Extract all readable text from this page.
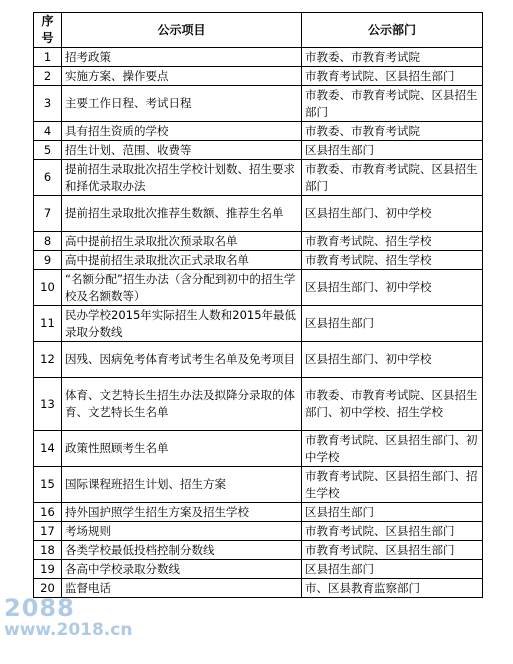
序
号	公示项目	公示部门
1	招考政策	市教委、市教育考试院
2	实施方案、操作要点	市教育考试院、区县招生部门
3	主要工作日程、考试日程	市教委、市教育考试院、区县招生部门
4	具有招生资质的学校	市教委、市教育考试院
5	招生计划、范围、收费等	区县招生部门
6	提前招生录取批次招生学校计划数、招生要求和择优录取办法	市教委、市教育考试院、区县招生部门
7	提前招生录取批次推荐生数额、推荐生名单	区县招生部门、初中学校
8	高中提前招生录取批次预录取名单	市教育考试院、招生学校
9	高中提前招生录取批次正式录取名单	市教育考试院、招生学校
10	“名额分配”招生办法（含分配到初中的招生学校及名额数等）	区县招生部门、初中学校
11	民办学校2015年实际招生人数和2015年最低录取分数线	区县招生部门
12	因残、因病免考体育考试考生名单及免考项目	区县招生部门、初中学校
13	体育、文艺特长生招生办法及拟降分录取的体育、文艺特长生名单	市教委、市教育考试院、区县招生部门、初中学校、招生学校
14	政策性照顾考生名单	市教育考试院、区县招生部门、初中学校
15	国际课程班招生计划、招生方案	市教育考试院、区县招生部门、招生学校
16	持外国护照学生招生方案及招生学校	区县招生部门
17	考场规则	市教育考试院、区县招生部门
18	各类学校最低投档控制分数线	市教育考试院、区县招生部门
19	各高中学校录取分数线	区县招生部门
20	监督电话	市、区县教育监察部门
2088
www.2018.cn
